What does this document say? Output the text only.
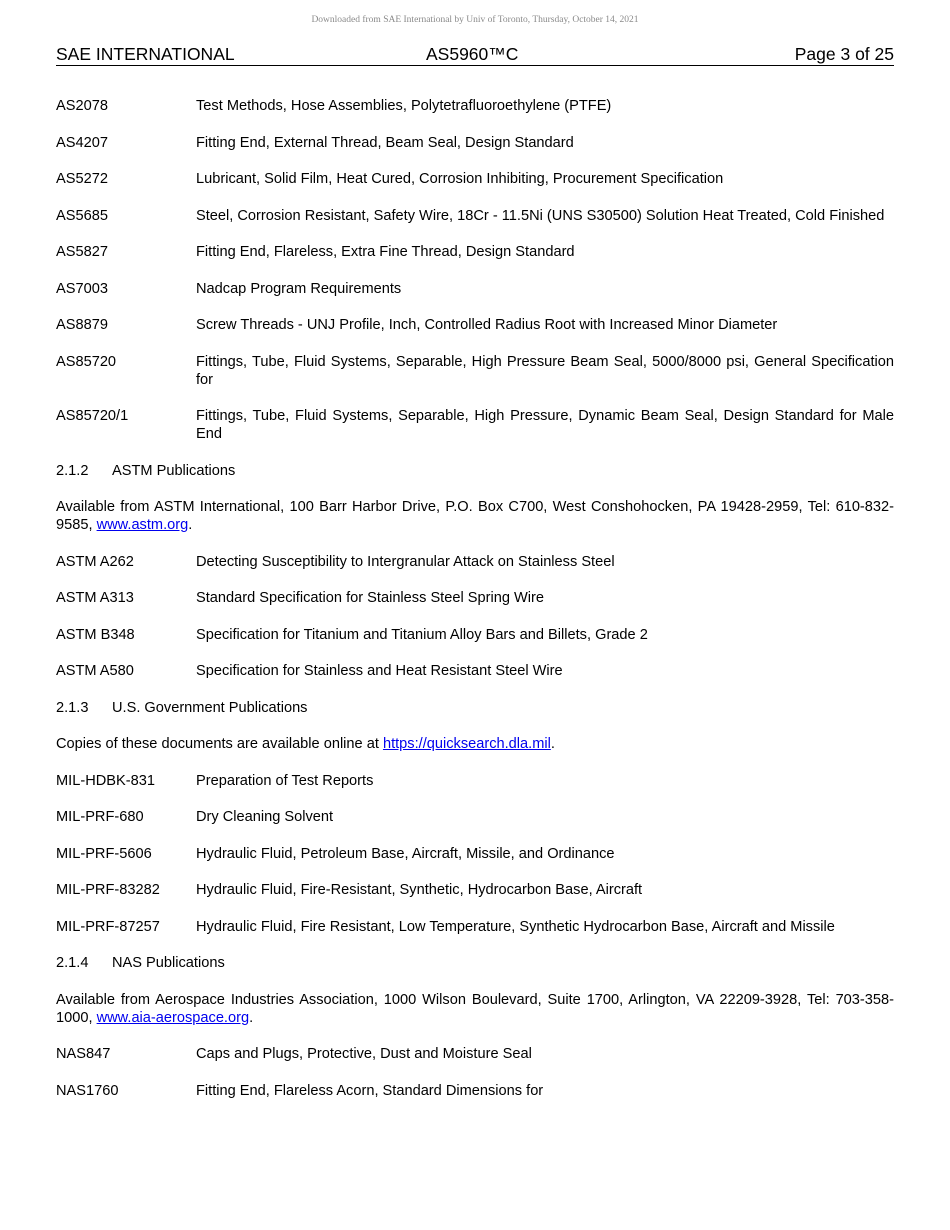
Downloaded from SAE International by Univ of Toronto, Thursday, October 14, 2021
SAE INTERNATIONAL	AS5960™C	Page 3 of 25
AS2078	Test Methods, Hose Assemblies, Polytetrafluoroethylene (PTFE)
AS4207	Fitting End, External Thread, Beam Seal, Design Standard
AS5272	Lubricant, Solid Film, Heat Cured, Corrosion Inhibiting, Procurement Specification
AS5685	Steel, Corrosion Resistant, Safety Wire, 18Cr - 11.5Ni (UNS S30500) Solution Heat Treated, Cold Finished
AS5827	Fitting End, Flareless, Extra Fine Thread, Design Standard
AS7003	Nadcap Program Requirements
AS8879	Screw Threads - UNJ Profile, Inch, Controlled Radius Root with Increased Minor Diameter
AS85720	Fittings, Tube, Fluid Systems, Separable, High Pressure Beam Seal, 5000/8000 psi, General Specification for
AS85720/1	Fittings, Tube, Fluid Systems, Separable, High Pressure, Dynamic Beam Seal, Design Standard for Male End
2.1.2	ASTM Publications
Available from ASTM International, 100 Barr Harbor Drive, P.O. Box C700, West Conshohocken, PA 19428-2959, Tel: 610-832-9585, www.astm.org.
ASTM A262	Detecting Susceptibility to Intergranular Attack on Stainless Steel
ASTM A313	Standard Specification for Stainless Steel Spring Wire
ASTM B348	Specification for Titanium and Titanium Alloy Bars and Billets, Grade 2
ASTM A580	Specification for Stainless and Heat Resistant Steel Wire
2.1.3	U.S. Government Publications
Copies of these documents are available online at https://quicksearch.dla.mil.
MIL-HDBK-831	Preparation of Test Reports
MIL-PRF-680	Dry Cleaning Solvent
MIL-PRF-5606	Hydraulic Fluid, Petroleum Base, Aircraft, Missile, and Ordinance
MIL-PRF-83282	Hydraulic Fluid, Fire-Resistant, Synthetic, Hydrocarbon Base, Aircraft
MIL-PRF-87257	Hydraulic Fluid, Fire Resistant, Low Temperature, Synthetic Hydrocarbon Base, Aircraft and Missile
2.1.4	NAS Publications
Available from Aerospace Industries Association, 1000 Wilson Boulevard, Suite 1700, Arlington, VA 22209-3928, Tel: 703-358-1000, www.aia-aerospace.org.
NAS847	Caps and Plugs, Protective, Dust and Moisture Seal
NAS1760	Fitting End, Flareless Acorn, Standard Dimensions for
